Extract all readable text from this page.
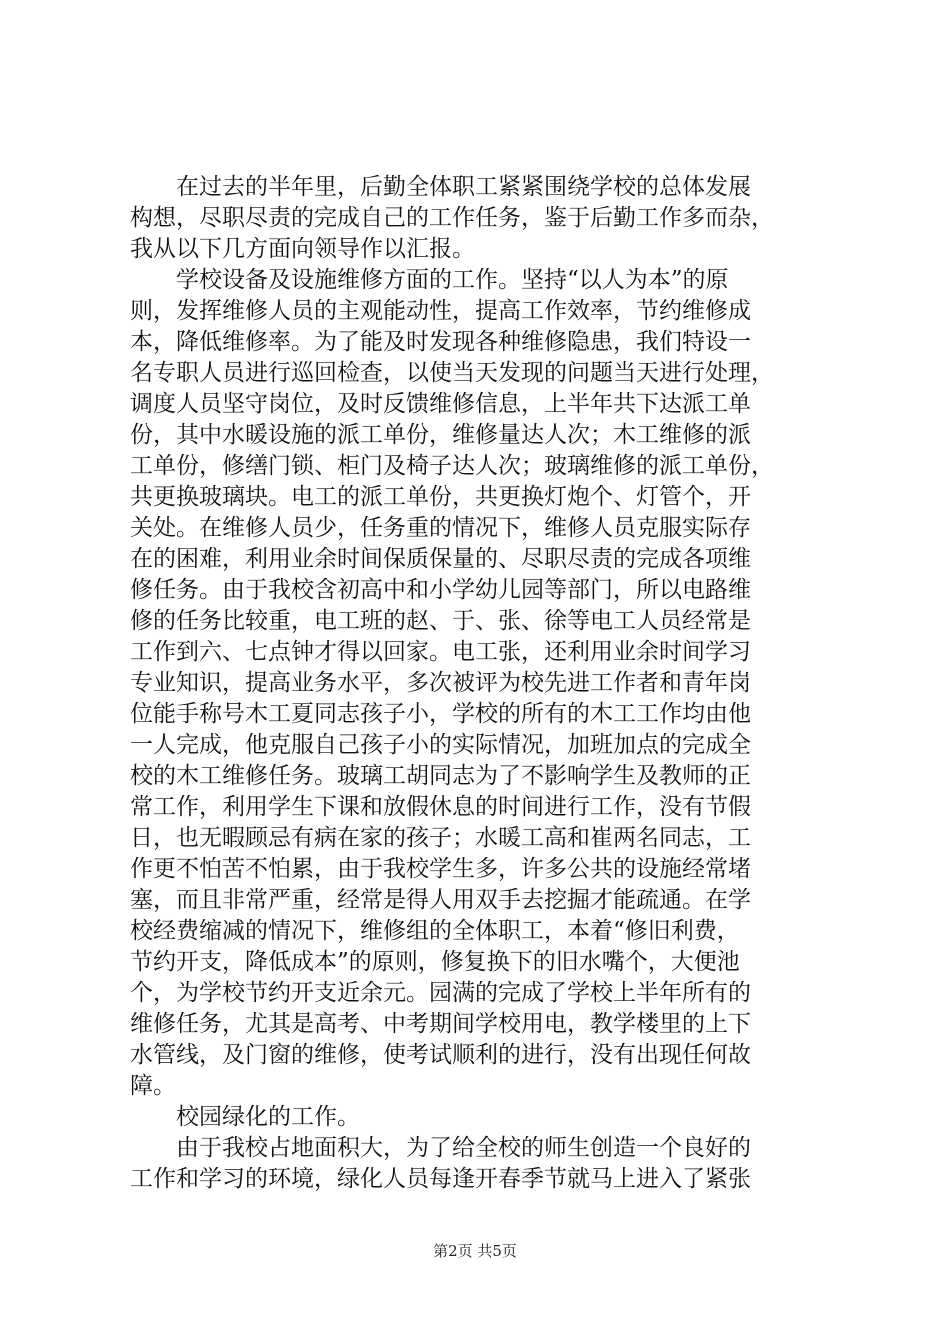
在过去的半年里，后勤全体职工紧紧围绕学校的总体发展
构想，尽职尽责的完成自己的工作任务，鉴于后勤工作多而杂，
我从以下几方面向领导作以汇报。
学校设备及设施维修方面的工作。坚持“以人为本”的原
则，发挥维修人员的主观能动性，提高工作效率，节约维修成
本，降低维修率。为了能及时发现各种维修隐患，我们特设一
名专职人员进行巡回检查，以使当天发现的问题当天进行处理，
调度人员坚守岗位，及时反馈维修信息，上半年共下达派工单
份，其中水暖设施的派工单份，维修量达人次；木工维修的派
工单份，修缮门锁、柜门及椅子达人次；玻璃维修的派工单份，
共更换玻璃块。电工的派工单份，共更换灯炮个、灯管个，开
关处。在维修人员少，任务重的情况下，维修人员克服实际存
在的困难，利用业余时间保质保量的、尽职尽责的完成各项维
修任务。由于我校含初高中和小学幼儿园等部门，所以电路维
修的任务比较重，电工班的赵、于、张、徐等电工人员经常是
工作到六、七点钟才得以回家。电工张，还利用业余时间学习
专业知识，提高业务水平，多次被评为校先进工作者和青年岗
位能手称号木工夏同志孩子小，学校的所有的木工工作均由他
一人完成，他克服自己孩子小的实际情况，加班加点的完成全
校的木工维修任务。玻璃工胡同志为了不影响学生及教师的正
常工作，利用学生下课和放假休息的时间进行工作，没有节假
日，也无暇顾忌有病在家的孩子；水暖工高和崔两名同志，工
作更不怕苦不怕累，由于我校学生多，许多公共的设施经常堵
塞，而且非常严重，经常是得人用双手去挖掘才能疏通。在学
校经费缩减的情况下，维修组的全体职工，本着“修旧利费，
节约开支，降低成本”的原则，修复换下的旧水嘴个，大便池
个，为学校节约开支近余元。园满的完成了学校上半年所有的
维修任务，尤其是高考、中考期间学校用电，教学楼里的上下
水管线，及门窗的维修，使考试顺利的进行，没有出现任何故
障。
校园绿化的工作。
由于我校占地面积大，为了给全校的师生创造一个良好的
工作和学习的环境，绿化人员每逢开春季节就马上进入了紧张
第2页 共5页
